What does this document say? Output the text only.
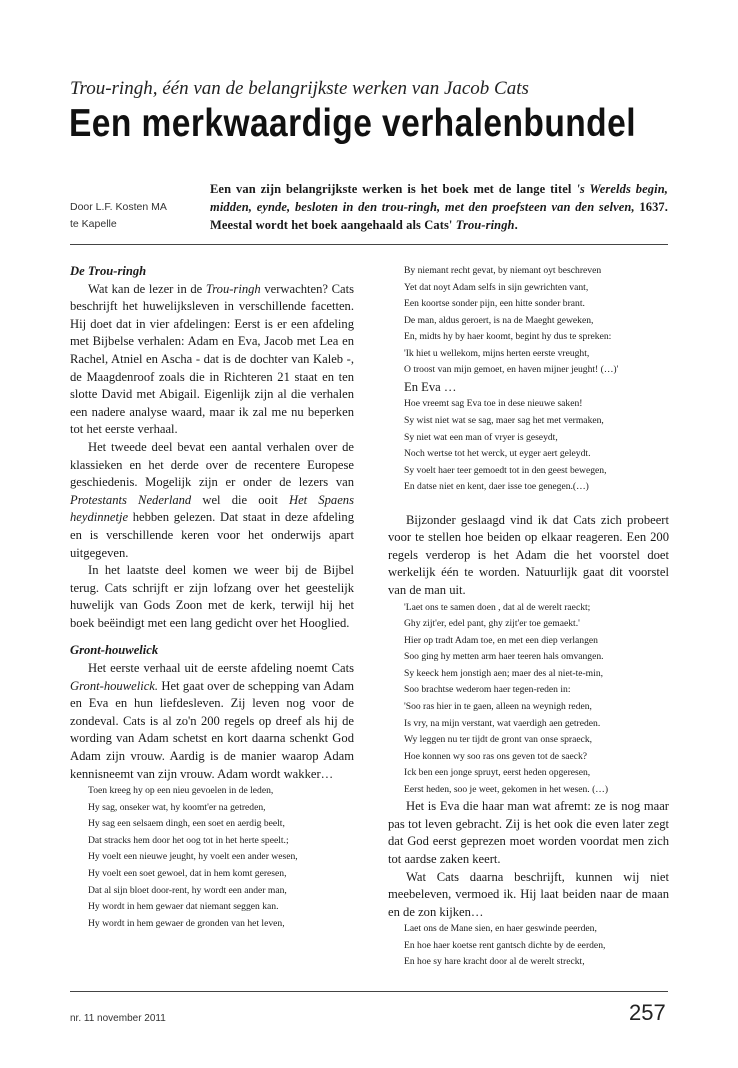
Trou-ringh, één van de belangrijkste werken van Jacob Cats
Een merkwaardige verhalenbundel
Door L.F. Kosten MA
te Kapelle
Een van zijn belangrijkste werken is het boek met de lange titel 's Werelds begin, midden, eynde, besloten in den trou-ringh, met den proefsteen van den selven, 1637. Meestal wordt het boek aangehaald als Cats' Trou-ringh.

De Trou-ringh

Wat kan de lezer in de Trou-ringh verwachten? Cats beschrijft het huwelijksleven in verschillende facetten. Hij doet dat in vier afdelingen: Eerst is er een afdeling met Bijbelse verhalen: Adam en Eva, Jacob met Lea en Rachel, Atniel en Ascha - dat is de dochter van Kaleb -, de Maagdenroof zoals die in Richteren 21 staat en ten slotte David met Abigail. Eigenlijk zijn al die verhalen een nadere analyse waard, maar ik zal me nu beperken tot het eerste verhaal.

Het tweede deel bevat een aantal verhalen over de klassieken en het derde over de recentere Europese geschiedenis. Mogelijk zijn er onder de lezers van Protestants Nederland wel die ooit Het Spaens heydinnetje hebben gelezen. Dat staat in deze afdeling en is verschillende keren voor het onderwijs apart uitgegeven.

In het laatste deel komen we weer bij de Bijbel terug. Cats schrijft er zijn lofzang over het geestelijk huwelijk van Gods Zoon met de kerk, terwijl hij het boek beëindigt met een lang gedicht over het Hooglied.

Gront-houwelick

Het eerste verhaal uit de eerste afdeling noemt Cats Gront-houwelick. Het gaat over de schepping van Adam en Eva en hun liefdesleven. Zij leven nog voor de zondeval. Cats is al zo'n 200 regels op dreef als hij de wording van Adam schetst en kort daarna schenkt God Adam zijn vrouw. Aardig is de manier waarop Adam kennisneemt van zijn vrouw. Adam wordt wakker…

Toen kreeg hy op een nieu gevoelen in de leden,
Hy sag, onseker wat, hy koomt'er na getreden,
Hy sag een selsaem dingh, een soet en aerdig beelt,
Dat stracks hem door het oog tot in het herte speelt.;
Hy voelt een nieuwe jeught, hy voelt een ander wesen,
Hy voelt een soet gewoel, dat in hem komt geresen,
Dat al sijn bloet door-rent, hy wordt een ander man,
Hy wordt in hem gewaer dat niemant seggen kan.
Hy wordt in hem gewaer de gronden van het leven,
By niemant recht gevat, by niemant oyt beschreven
Yet dat noyt Adam selfs in sijn gewrichten vant,
Een koortse sonder pijn, een hitte sonder brant.
De man, aldus geroert, is na de Maeght geweken,
En, midts hy by haer koomt, begint hy dus te spreken:
'Ik hiet u wellekom, mijns herten eerste vreught,
O troost van mijn gemoet, en haven mijner jeught! (…)'

En Eva …

Hoe vreemt sag Eva toe in dese nieuwe saken!
Sy wist niet wat se sag, maer sag het met vermaken,
Sy niet wat een man of vryer is geseydt,
Noch wertse tot het werck, ut eyger aert geleydt.
Sy voelt haer teer gemoedt tot in den geest bewegen,
En datse niet en kent, daer isse toe genegen.(…)

Bijzonder geslaagd vind ik dat Cats zich probeert voor te stellen hoe beiden op elkaar reageren. Een 200 regels verderop is het Adam die het voorstel doet werkelijk één te worden. Natuurlijk gaat dit voorstel van de man uit.

'Laet ons te samen doen , dat al de werelt raeckt;
Ghy zijt'er, edel pant, ghy zijt'er toe gemaekt.'
Hier op tradt Adam toe, en met een diep verlangen
Soo ging hy metten arm haer teeren hals omvangen.
Sy keeck hem jonstigh aen; maer des al niet-te-min,
Soo brachtse wederom haer tegen-reden in:
'Soo ras hier in te gaen, alleen na weynigh reden,
Is vry, na mijn verstant, wat vaerdigh aen getreden.
Wy leggen nu ter tijdt de gront van onse spraeck,
Hoe konnen wy soo ras ons geven tot de saeck?
Ick ben een jonge spruyt, eerst heden opgeresen,
Eerst heden, soo je weet, gekomen in het wesen. (…)

Het is Eva die haar man wat afremt: ze is nog maar pas tot leven gebracht. Zij is het ook die even later zegt dat God eerst geprezen moet worden voordat men zich tot aardse zaken keert.

Wat Cats daarna beschrijft, kunnen wij niet meebeleven, vermoed ik. Hij laat beiden naar de maan en de zon kijken…

Laet ons de Mane sien, en haer geswinde peerden,
En hoe haer koetse rent gantsch dichte by de eerden,
En hoe sy hare kracht door al de werelt streckt,
nr. 11 november 2011	257
